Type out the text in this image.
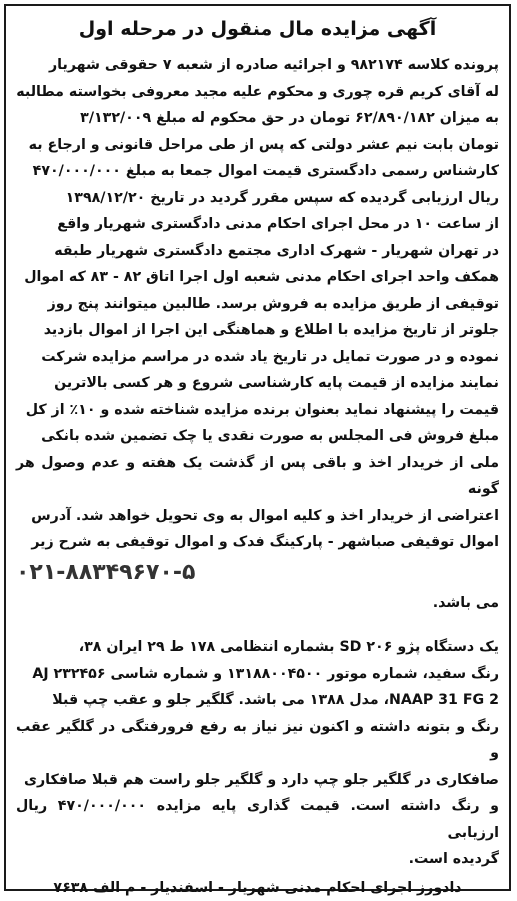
آگهی مزایده مال منقول در مرحله اول
پرونده کلاسه ۹۸۲۱۷۴ و اجرائیه صادره از شعبه ۷ حقوقی شهریار
له آقای کریم قره چوری و محکوم علیه مجید معروفی بخواسته مطالبه
به میزان ۶۲/۸۹۰/۱۸۲ تومان در حق محکوم له مبلغ ۳/۱۳۲/۰۰۹
تومان بابت نیم عشر دولتی که پس از طی مراحل قانونی و ارجاع به
کارشناس رسمی دادگستری قیمت اموال جمعا به مبلغ ۴۷۰/۰۰۰/۰۰۰
ریال ارزیابی گردیده که سپس مقرر گردید در تاریخ ۱۳۹۸/۱۲/۲۰
از ساعت ۱۰ در محل اجرای احکام مدنی دادگستری شهریار واقع
در تهران شهریار - شهرک اداری مجتمع دادگستری شهریار طبقه
همکف واحد اجرای احکام مدنی شعبه اول اجرا اتاق ۸۲ - ۸۳ که اموال
توقیفی از طریق مزایده به فروش برسد. طالبین میتوانند پنج روز
جلوتر از تاریخ مزایده با اطلاع و هماهنگی این اجرا از اموال بازدید
نموده و در صورت تمایل در تاریخ یاد شده در مراسم مزایده شرکت
نمایند مزایده از قیمت پایه کارشناسی شروع و هر کسی بالاترین
قیمت را پیشنهاد نماید بعنوان برنده مزایده شناخته شده و ۱۰٪ از کل
مبلغ فروش فی المجلس به صورت نقدی یا چک تضمین شده بانکی
ملی از خریدار اخذ و باقی پس از گذشت یک هفته و عدم وصول هر گونه
اعتراضی از خریدار اخذ و کلیه اموال به وی تحویل خواهد شد. آدرس
اموال توقیفی صباشهر - پارکینگ فدک و اموال توقیفی به شرح زیر
۰۲۱-۸۸۳۴۹۶۷۰-۵
می باشد.
یک دستگاه پژو SD ۲۰۶ بشماره انتظامی ۱۷۸ ط ۲۹ ایران ۳۸،
رنگ سفید، شماره موتور ۱۳۱۸۸۰۰۴۵۰۰ و شماره شاسی AJ ۲۳۲۴۵۶
NAAP 31 FG 2، مدل ۱۳۸۸ می باشد. گلگیر جلو و عقب چپ قبلا
رنگ و بتونه داشته و اکنون نیز نیاز به رفع فرورفتگی در گلگیر عقب و
صافکاری در گلگیر جلو چپ دارد و گلگیر جلو راست هم قبلا صافکاری
و رنگ داشته است. قیمت گذاری پایه مزایده ۴۷۰/۰۰۰/۰۰۰ ریال ارزیابی
گردیده است.
دادورز اجرای احکام مدنی شهریار - اسفندیار - م الف ۷۶۳۸
